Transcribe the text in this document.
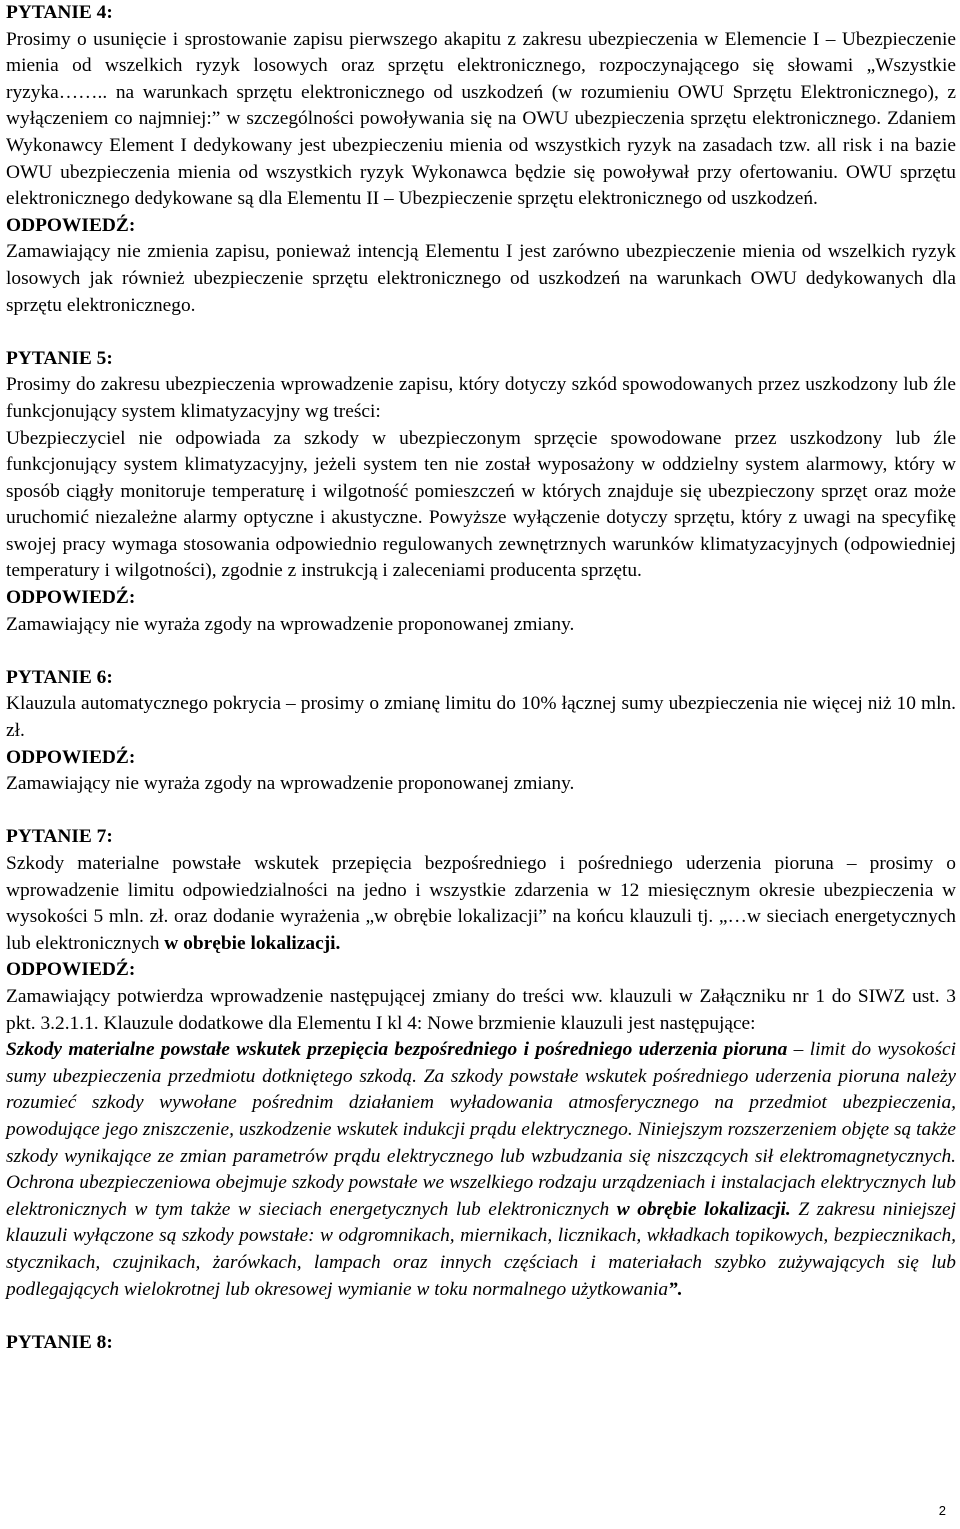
PYTANIE 4:

Prosimy o usunięcie i sprostowanie zapisu pierwszego akapitu z zakresu ubezpieczenia w Elemencie I – Ubezpieczenie mienia od wszelkich ryzyk losowych oraz sprzętu elektronicznego, rozpoczynającego się słowami „Wszystkie ryzyka…….. na warunkach sprzętu elektronicznego od uszkodzeń (w rozumieniu OWU Sprzętu Elektronicznego), z wyłączeniem co najmniej:” w szczególności powoływania się na OWU ubezpieczenia sprzętu elektronicznego. Zdaniem Wykonawcy Element I dedykowany jest ubezpieczeniu mienia od wszystkich ryzyk na zasadach tzw. all risk i na bazie OWU ubezpieczenia mienia od wszystkich ryzyk Wykonawca będzie się powoływał przy ofertowaniu. OWU sprzętu elektronicznego dedykowane są dla Elementu II – Ubezpieczenie sprzętu elektronicznego od uszkodzeń.

ODPOWIEDŹ:

Zamawiający nie zmienia zapisu, ponieważ intencją Elementu I jest zarówno ubezpieczenie mienia od wszelkich ryzyk losowych jak również ubezpieczenie sprzętu elektronicznego od uszkodzeń na warunkach OWU dedykowanych dla sprzętu elektronicznego.

PYTANIE 5:

Prosimy do zakresu ubezpieczenia wprowadzenie zapisu, który dotyczy szkód spowodowanych przez uszkodzony lub źle funkcjonujący system klimatyzacyjny wg treści:

Ubezpieczyciel nie odpowiada za szkody w ubezpieczonym sprzęcie spowodowane przez uszkodzony lub źle funkcjonujący system klimatyzacyjny, jeżeli system ten nie został wyposażony w oddzielny system alarmowy, który w sposób ciągły monitoruje temperaturę i wilgotność pomieszczeń w których znajduje się ubezpieczony sprzęt oraz może uruchomić niezależne alarmy optyczne i akustyczne. Powyższe wyłączenie dotyczy sprzętu, który z uwagi na specyfikę swojej pracy wymaga stosowania odpowiednio regulowanych zewnętrznych warunków klimatyzacyjnych (odpowiedniej temperatury i wilgotności), zgodnie z instrukcją i zaleceniami producenta sprzętu.

ODPOWIEDŹ:

Zamawiający nie wyraża zgody na wprowadzenie proponowanej zmiany.

PYTANIE 6:

Klauzula automatycznego pokrycia – prosimy o zmianę limitu do 10% łącznej sumy ubezpieczenia nie więcej niż 10 mln. zł.

ODPOWIEDŹ:

Zamawiający nie wyraża zgody na wprowadzenie proponowanej zmiany.

PYTANIE 7:

Szkody materialne powstałe wskutek przepięcia bezpośredniego i pośredniego uderzenia pioruna – prosimy o wprowadzenie limitu odpowiedzialności na jedno i wszystkie zdarzenia w 12 miesięcznym okresie ubezpieczenia w wysokości 5 mln. zł. oraz dodanie wyrażenia „w obrębie lokalizacji” na końcu klauzuli tj. „…w sieciach energetycznych lub elektronicznych w obrębie lokalizacji.

ODPOWIEDŹ:

Zamawiający potwierdza wprowadzenie następującej zmiany do treści ww. klauzuli w Załączniku nr 1 do SIWZ ust. 3 pkt. 3.2.1.1. Klauzule dodatkowe dla Elementu I kl 4: Nowe brzmienie klauzuli jest następujące:

Szkody materialne powstałe wskutek przepięcia bezpośredniego i pośredniego uderzenia pioruna – limit do wysokości sumy ubezpieczenia przedmiotu dotkniętego szkodą. Za szkody powstałe wskutek pośredniego uderzenia pioruna należy rozumieć szkody wywołane pośrednim działaniem wyładowania atmosferycznego na przedmiot ubezpieczenia, powodujące jego zniszczenie, uszkodzenie wskutek indukcji prądu elektrycznego. Niniejszym rozszerzeniem objęte są także szkody wynikające ze zmian parametrów prądu elektrycznego lub wzbudzania się niszczących sił elektromagnetycznych. Ochrona ubezpieczeniowa obejmuje szkody powstałe we wszelkiego rodzaju urządzeniach i instalacjach elektrycznych lub elektronicznych w tym także w sieciach energetycznych lub elektronicznych w obrębie lokalizacji. Z zakresu niniejszej klauzuli wyłączone są szkody powstałe: w odgromnikach, miernikach, licznikach, wkładkach topikowych, bezpiecznikach, stycznikach, czujnikach, żarówkach, lampach oraz innych częściach i materiałach szybko zużywających się lub podlegających wielokrotnej lub okresowej wymianie w toku normalnego użytkowania”.

PYTANIE 8:

2
